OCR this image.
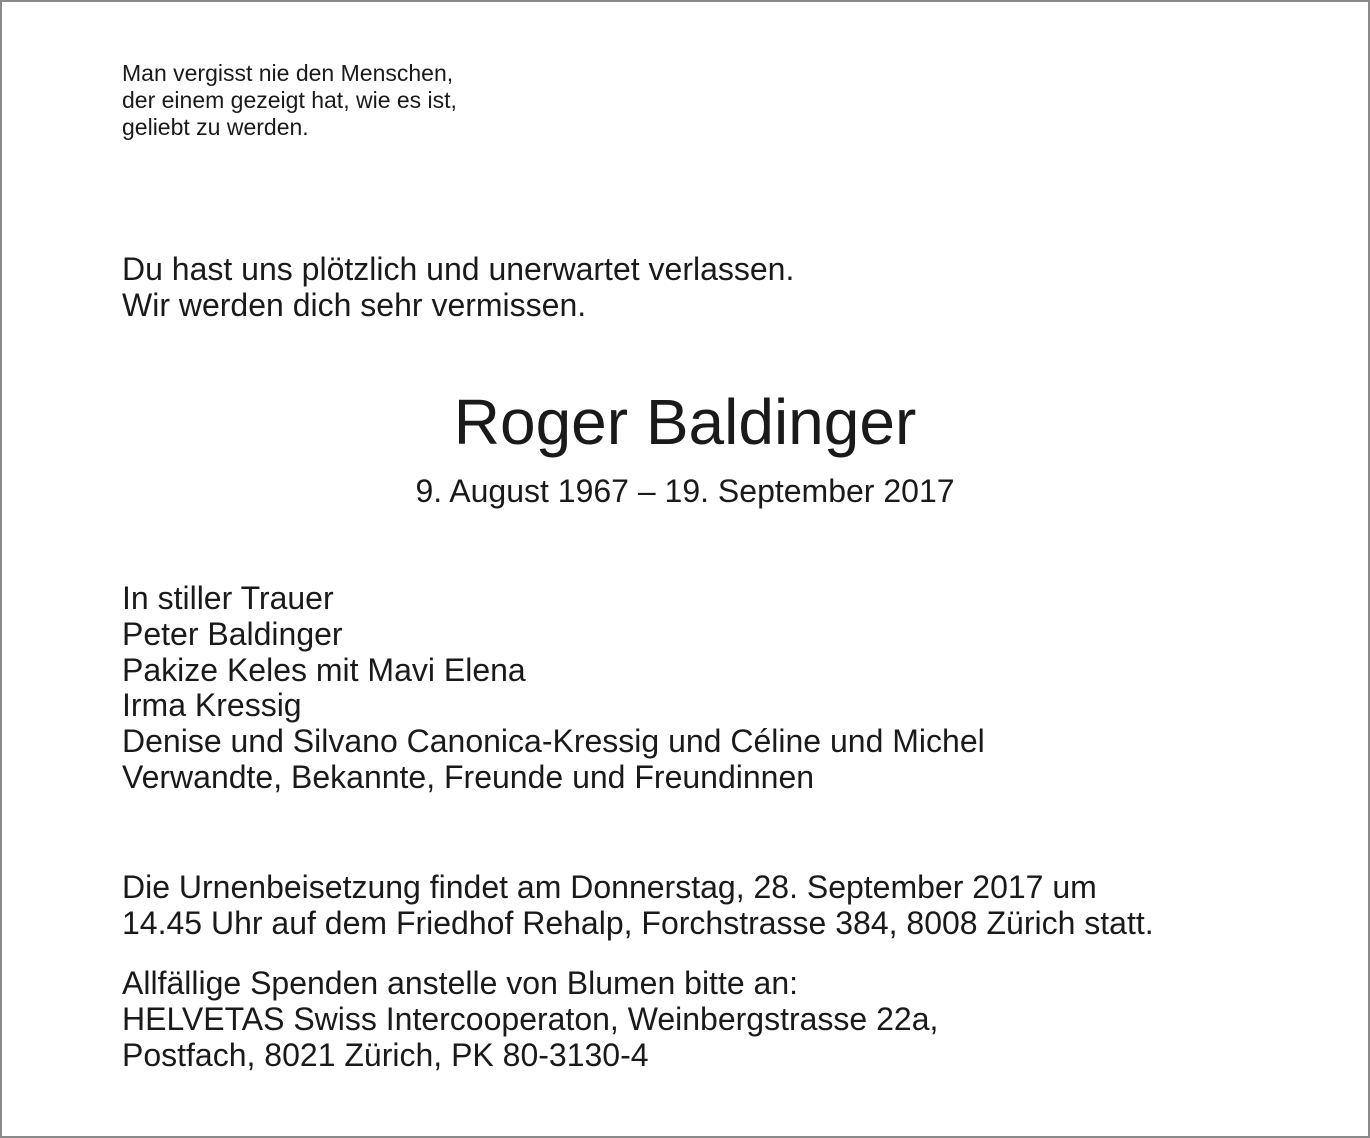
Man vergisst nie den Menschen,
der einem gezeigt hat, wie es ist,
geliebt zu werden.

Du hast uns plötzlich und unerwartet verlassen.
Wir werden dich sehr vermissen.

Roger Baldinger

9. August 1967 – 19. September 2017

In stiller Trauer
Peter Baldinger
Pakize Keles mit Mavi Elena
Irma Kressig
Denise und Silvano Canonica-Kressig und Céline und Michel
Verwandte, Bekannte, Freunde und Freundinnen

Die Urnenbeisetzung findet am Donnerstag, 28. September 2017 um
14.45 Uhr auf dem Friedhof Rehalp, Forchstrasse 384, 8008 Zürich statt.

Allfällige Spenden anstelle von Blumen bitte an:
HELVETAS Swiss Intercooperaton, Weinbergstrasse 22a,
Postfach, 8021 Zürich, PK 80-3130-4
